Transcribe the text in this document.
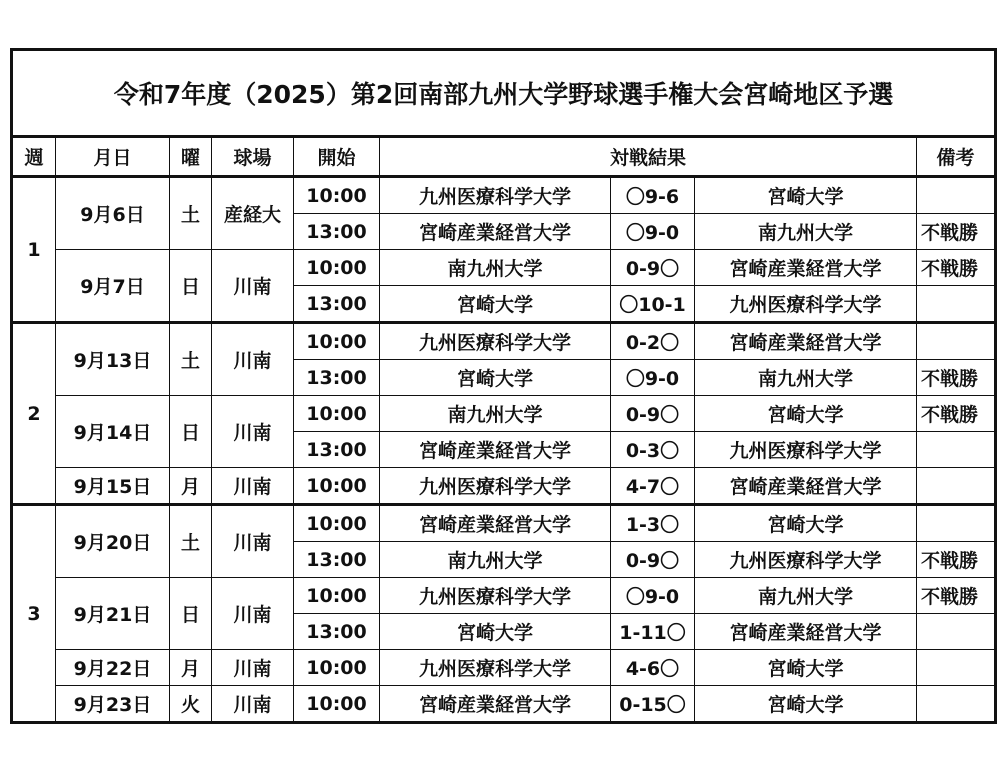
令和7年度（2025）第2回南部九州大学野球選手権大会宮崎地区予選								
週	月日	曜	球場	開始	対戦結果			備考
1	9月6日	土	産経大	10:00	九州医療科学大学	〇9-6	宮崎大学	
				13:00	宮崎産業経営大学	〇9-0	南九州大学	不戦勝
	9月7日	日	川南	10:00	南九州大学	0-9〇	宮崎産業経営大学	不戦勝
				13:00	宮崎大学	〇10-1	九州医療科学大学	
2	9月13日	土	川南	10:00	九州医療科学大学	0-2〇	宮崎産業経営大学	
				13:00	宮崎大学	〇9-0	南九州大学	不戦勝
	9月14日	日	川南	10:00	南九州大学	0-9〇	宮崎大学	不戦勝
				13:00	宮崎産業経営大学	0-3〇	九州医療科学大学	
	9月15日	月	川南	10:00	九州医療科学大学	4-7〇	宮崎産業経営大学	
3	9月20日	土	川南	10:00	宮崎産業経営大学	1-3〇	宮崎大学	
				13:00	南九州大学	0-9〇	九州医療科学大学	不戦勝
	9月21日	日	川南	10:00	九州医療科学大学	〇9-0	南九州大学	不戦勝
				13:00	宮崎大学	1-11〇	宮崎産業経営大学	
	9月22日	月	川南	10:00	九州医療科学大学	4-6〇	宮崎大学	
	9月23日	火	川南	10:00	宮崎産業経営大学	0-15〇	宮崎大学	
